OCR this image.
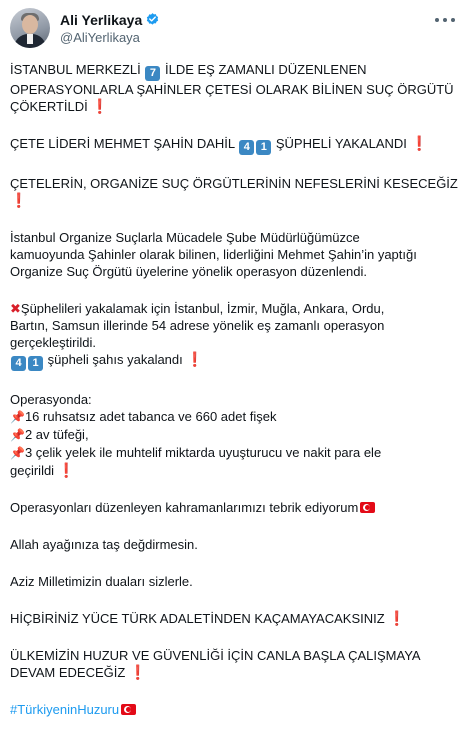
Ali Yerlikaya
@AliYerlikaya
İSTANBUL MERKEZLİ 7 İLDE EŞ ZAMANLI DÜZENLENEN
OPERASYONLARLA ŞAHİNLER ÇETESİ OLARAK BİLİNEN SUÇ ÖRGÜTÜ
ÇÖKERTİLDİ ❗
ÇETE LİDERİ MEHMET ŞAHİN DAHİL 4 1 ŞÜPHELİ YAKALANDI ❗
ÇETELERİN, ORGANİZE SUÇ ÖRGÜTLERİNİN NEFESLERİNİ KESECEĞİZ
❗
İstanbul Organize Suçlarla Mücadele Şube Müdürlüğümüzce
kamuoyunda Şahinler olarak bilinen, liderliğini Mehmet Şahin’in yaptığı
Organize Suç Örgütü üyelerine yönelik operasyon düzenlendi.
✖Şüphelileri yakalamak için İstanbul, İzmir, Muğla, Ankara, Ordu,
Bartın, Samsun illerinde 54 adrese yönelik eş zamanlı operasyon
gerçekleştirildi.
4 1 şüpheli şahıs yakalandı ❗
Operasyonda:
📌16 ruhsatsız adet tabanca ve 660 adet fişek
📌2 av tüfeği,
📌3 çelik yelek ile muhtelif miktarda uyuşturucu ve nakit para ele
geçirildi ❗
Operasyonları düzenleyen kahramanlarımızı tebrik ediyorum
Allah ayağınıza taş değdirmesin.
Aziz Milletimizin duaları sizlerle.
HİÇBİRİNİZ YÜCE TÜRK ADALETİNDEN KAÇAMAYACAKSINIZ ❗
ÜLKEMİZİN HUZUR VE GÜVENLİĞİ İÇİN CANLA BAŞLA ÇALIŞMAYA
DEVAM EDECEĞİZ ❗
#TürkiyeninHuzuru
